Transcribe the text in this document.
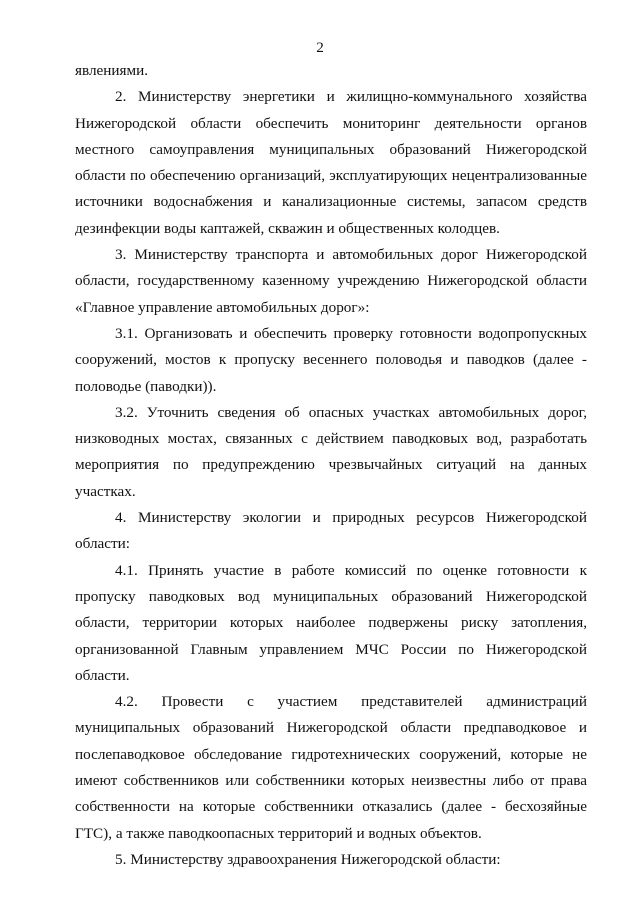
2

явлениями.

2. Министерству энергетики и жилищно-коммунального хозяйства Нижегородской области обеспечить мониторинг деятельности органов местного самоуправления муниципальных образований Нижегородской области по обеспечению организаций, эксплуатирующих нецентрализованные источники водоснабжения и канализационные системы, запасом средств дезинфекции воды каптажей, скважин и общественных колодцев.

3. Министерству транспорта и автомобильных дорог Нижегородской области, государственному казенному учреждению Нижегородской области «Главное управление автомобильных дорог»:

3.1. Организовать и обеспечить проверку готовности водопропускных сооружений, мостов к пропуску весеннего половодья и паводков (далее - половодье (паводки)).

3.2. Уточнить сведения об опасных участках автомобильных дорог, низководных мостах, связанных с действием паводковых вод, разработать мероприятия по предупреждению чрезвычайных ситуаций на данных участках.

4. Министерству экологии и природных ресурсов Нижегородской области:

4.1. Принять участие в работе комиссий по оценке готовности к пропуску паводковых вод муниципальных образований Нижегородской области, территории которых наиболее подвержены риску затопления, организованной Главным управлением МЧС России по Нижегородской области.

4.2. Провести с участием представителей администраций муниципальных образований Нижегородской области предпаводковое и послепаводковое обследование гидротехнических сооружений, которые не имеют собственников или собственники которых неизвестны либо от права собственности на которые собственники отказались (далее - бесхозяйные ГТС), а также паводкоопасных территорий и водных объектов.

5. Министерству здравоохранения Нижегородской области:
